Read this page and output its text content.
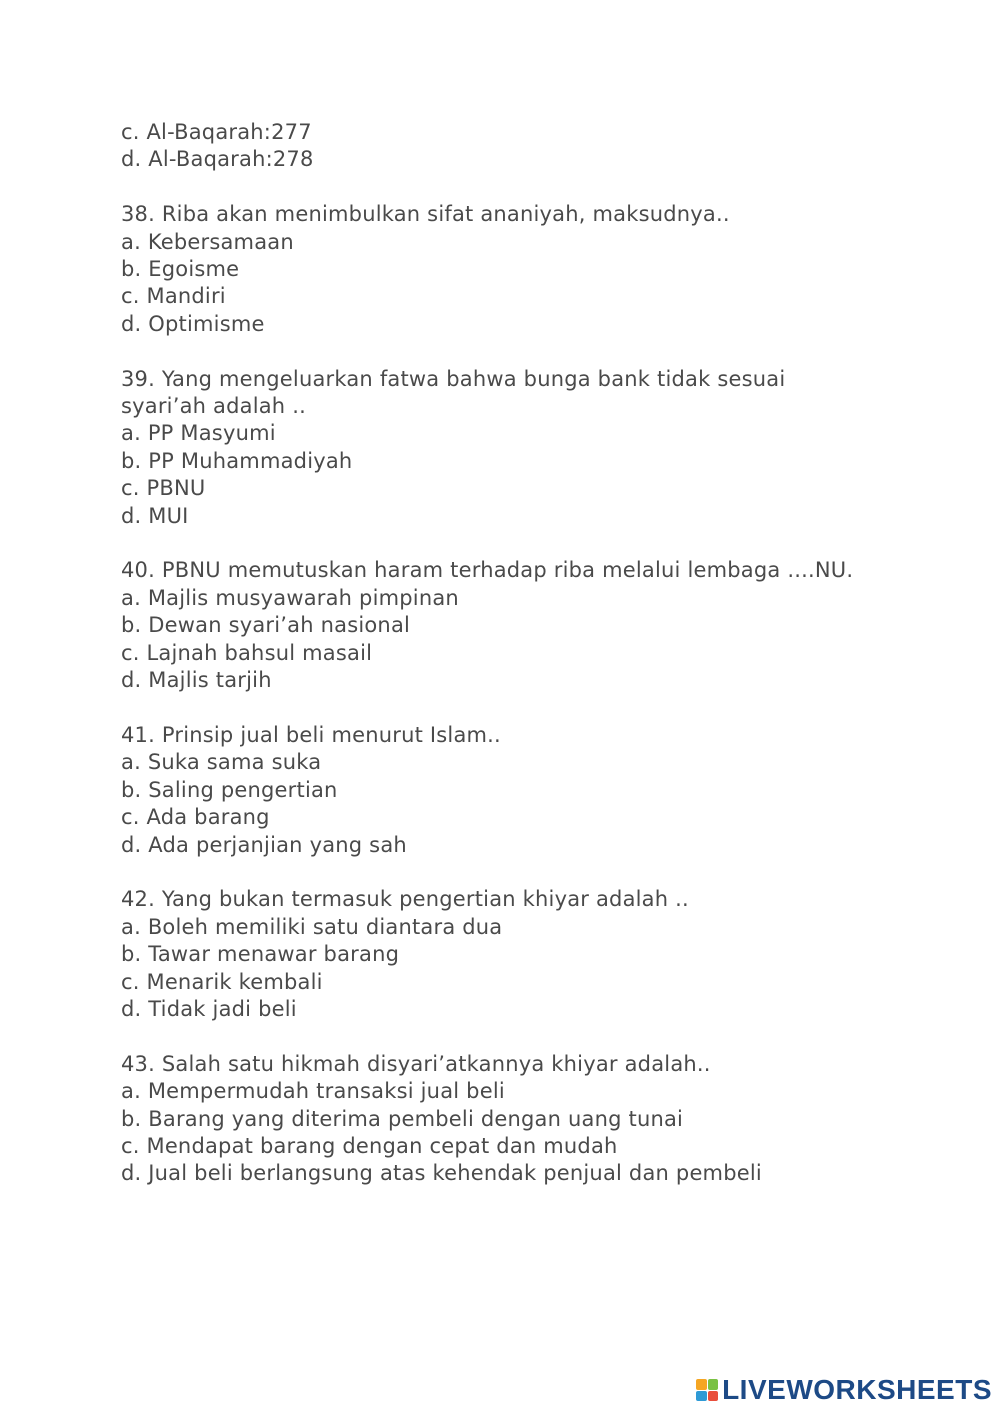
c. Al-Baqarah:277
d. Al-Baqarah:278
38. Riba akan menimbulkan sifat ananiyah, maksudnya..
a. Kebersamaan
b. Egoisme
c. Mandiri
d. Optimisme
39. Yang mengeluarkan fatwa bahwa bunga bank tidak sesuai syari’ah adalah ..
a. PP Masyumi
b. PP Muhammadiyah
c. PBNU
d. MUI
40. PBNU memutuskan haram terhadap riba melalui lembaga ....NU.
a. Majlis musyawarah pimpinan
b. Dewan syari’ah nasional
c. Lajnah bahsul masail
d. Majlis tarjih
41. Prinsip jual beli menurut Islam..
a. Suka sama suka
b. Saling pengertian
c. Ada barang
d. Ada perjanjian yang sah
42. Yang bukan termasuk pengertian khiyar adalah ..
a. Boleh memiliki satu diantara dua
b. Tawar menawar barang
c. Menarik kembali
d. Tidak jadi beli
43. Salah satu hikmah disyari’atkannya khiyar adalah..
a. Mempermudah transaksi jual beli
b. Barang yang diterima pembeli dengan uang tunai
c. Mendapat barang dengan cepat dan mudah
d. Jual beli berlangsung atas kehendak penjual dan pembeli
LIVEWORKSHEETS
